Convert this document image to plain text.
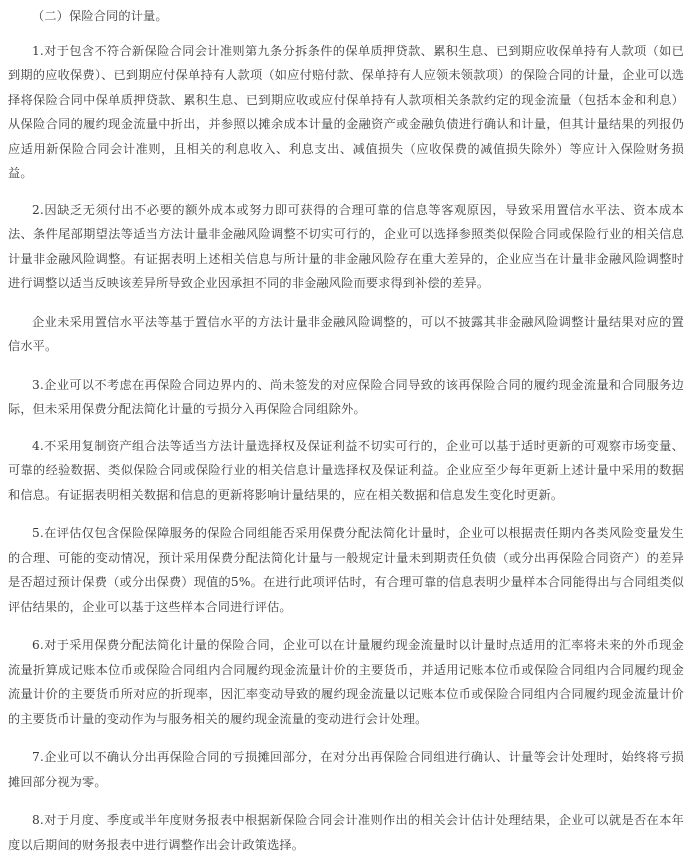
（二）保险合同的计量。

1.对于包含不符合新保险合同会计准则第九条分拆条件的保单质押贷款、累积生息、已到期应收保单持有人款项（如已到期的应收保费）、已到期应付保单持有人款项（如应付赔付款、保单持有人应领未领款项）的保险合同的计量，企业可以选择将保险合同中保单质押贷款、累积生息、已到期应收或应付保单持有人款项相关条款约定的现金流量（包括本金和利息）从保险合同的履约现金流量中折出，并参照以摊余成本计量的金融资产或金融负债进行确认和计量，但其计量结果的列报仍应适用新保险合同会计准则，且相关的利息收入、利息支出、减值损失（应收保费的减值损失除外）等应计入保险财务损益。

2.因缺乏无须付出不必要的额外成本或努力即可获得的合理可靠的信息等客观原因，导致采用置信水平法、资本成本法、条件尾部期望法等适当方法计量非金融风险调整不切实可行的，企业可以选择参照类似保险合同或保险行业的相关信息计量非金融风险调整。有证据表明上述相关信息与所计量的非金融风险存在重大差异的，企业应当在计量非金融风险调整时进行调整以适当反映该差异所导致企业因承担不同的非金融风险而要求得到补偿的差异。

企业未采用置信水平法等基于置信水平的方法计量非金融风险调整的，可以不披露其非金融风险调整计量结果对应的置信水平。

3.企业可以不考虑在再保险合同边界内的、尚未签发的对应保险合同导致的该再保险合同的履约现金流量和合同服务边际，但未采用保费分配法简化计量的亏损分入再保险合同组除外。

4.不采用复制资产组合法等适当方法计量选择权及保证利益不切实可行的，企业可以基于适时更新的可观察市场变量、可靠的经验数据、类似保险合同或保险行业的相关信息计量选择权及保证利益。企业应至少每年更新上述计量中采用的数据和信息。有证据表明相关数据和信息的更新将影响计量结果的，应在相关数据和信息发生变化时更新。

5.在评估仅包含保险保障服务的保险合同组能否采用保费分配法简化计量时，企业可以根据责任期内各类风险变量发生的合理、可能的变动情况，预计采用保费分配法简化计量与一般规定计量未到期责任负债（或分出再保险合同资产）的差异是否超过预计保费（或分出保费）现值的5%。在进行此项评估时，有合理可靠的信息表明少量样本合同能得出与合同组类似评估结果的，企业可以基于这些样本合同进行评估。

6.对于采用保费分配法简化计量的保险合同，企业可以在计量履约现金流量时以计量时点适用的汇率将未来的外币现金流量折算成记账本位币或保险合同组内合同履约现金流量计价的主要货币，并适用记账本位币或保险合同组内合同履约现金流量计价的主要货币所对应的折现率，因汇率变动导致的履约现金流量以记账本位币或保险合同组内合同履约现金流量计价的主要货币计量的变动作为与服务相关的履约现金流量的变动进行会计处理。

7.企业可以不确认分出再保险合同的亏损摊回部分，在对分出再保险合同组进行确认、计量等会计处理时，始终将亏损摊回部分视为零。

8.对于月度、季度或半年度财务报表中根据新保险合同会计准则作出的相关会计估计处理结果，企业可以就是否在本年度以后期间的财务报表中进行调整作出会计政策选择。
